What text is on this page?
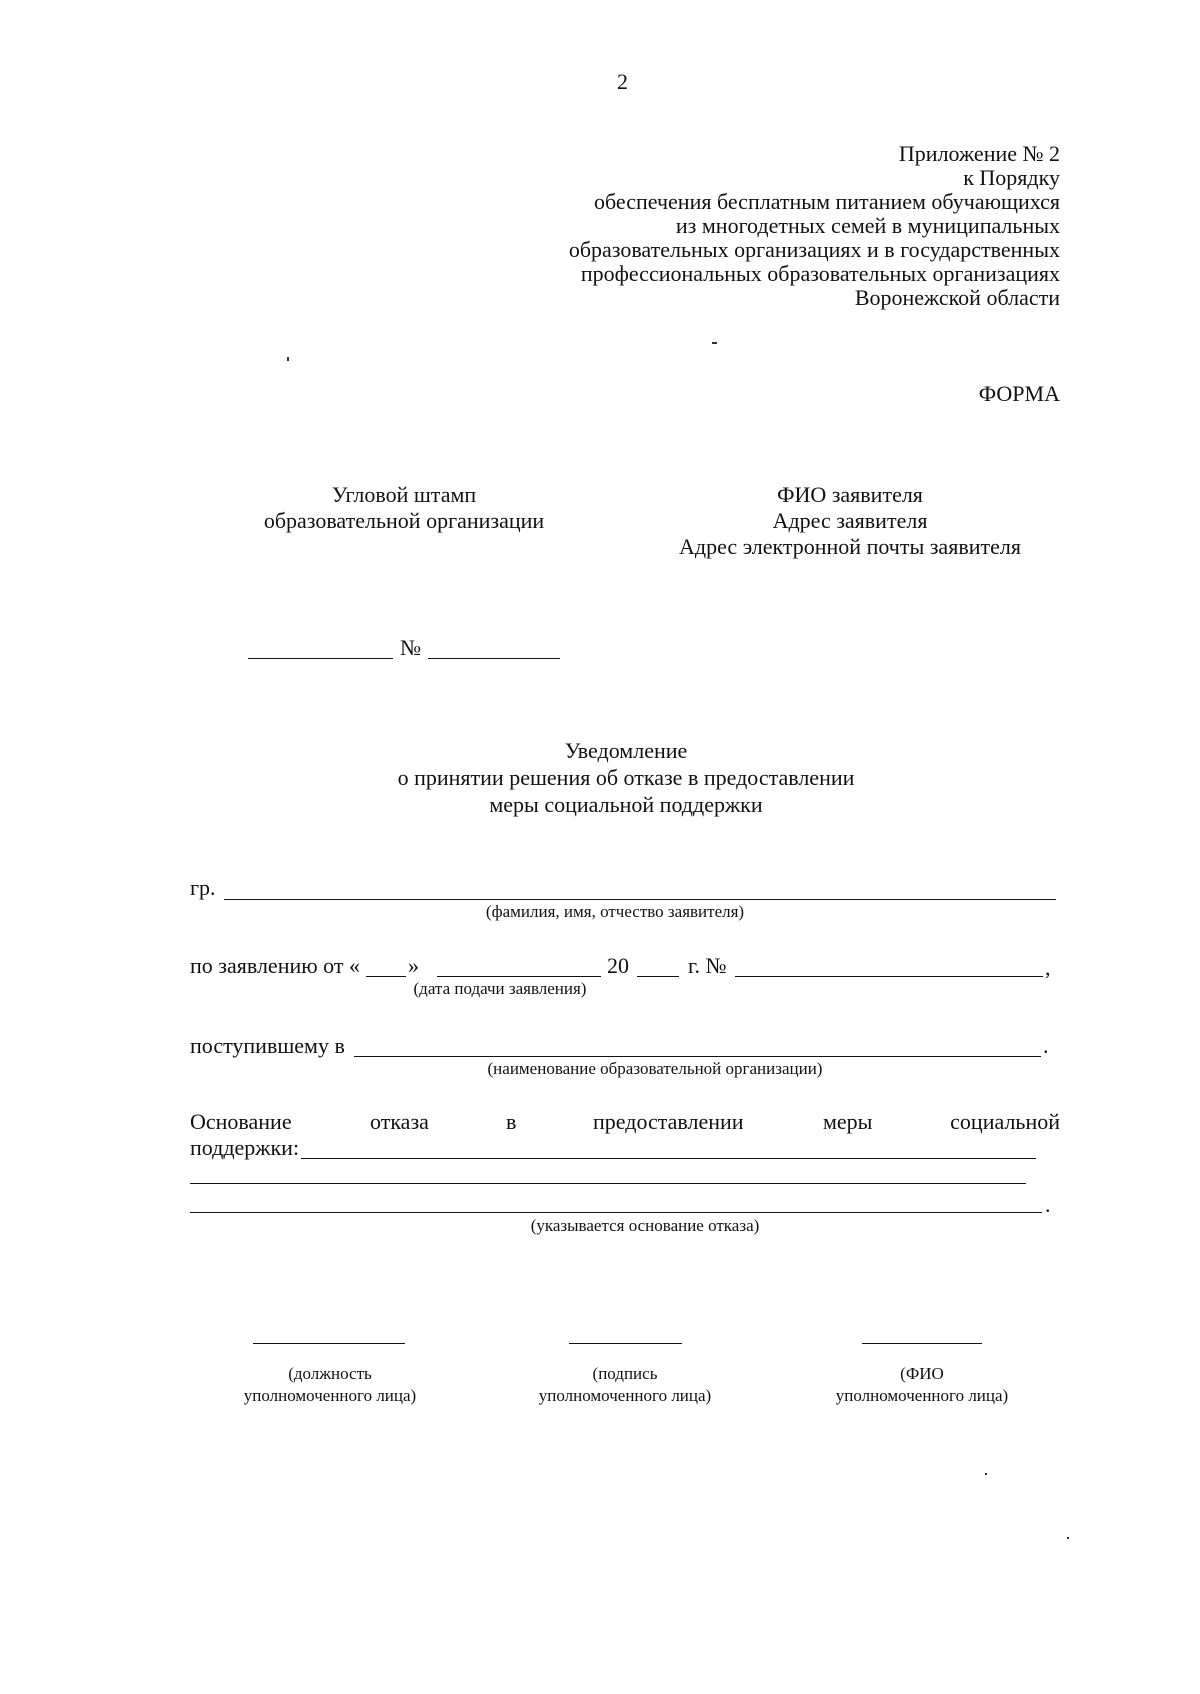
2
Приложение № 2
к Порядку
обеспечения бесплатным питанием обучающихся
из многодетных семей в муниципальных
образовательных организациях и в государственных
профессиональных образовательных организациях
Воронежской области
ФОРМА
Угловой штамп
образовательной организации
ФИО заявителя
Адрес заявителя
Адрес электронной почты заявителя
№
Уведомление
о принятии решения об отказе в предоставлении
меры социальной поддержки
гр.
(фамилия, имя, отчество заявителя)
по заявлению от « »	20	г. №	,
(дата подачи заявления)
поступившему в	.
(наименование образовательной организации)
Основание	отказа	в	предоставлении	меры	социальной
поддержки:
.
(указывается основание отказа)
(должность
уполномоченного лица)
(подпись
уполномоченного лица)
(ФИО
уполномоченного лица)
